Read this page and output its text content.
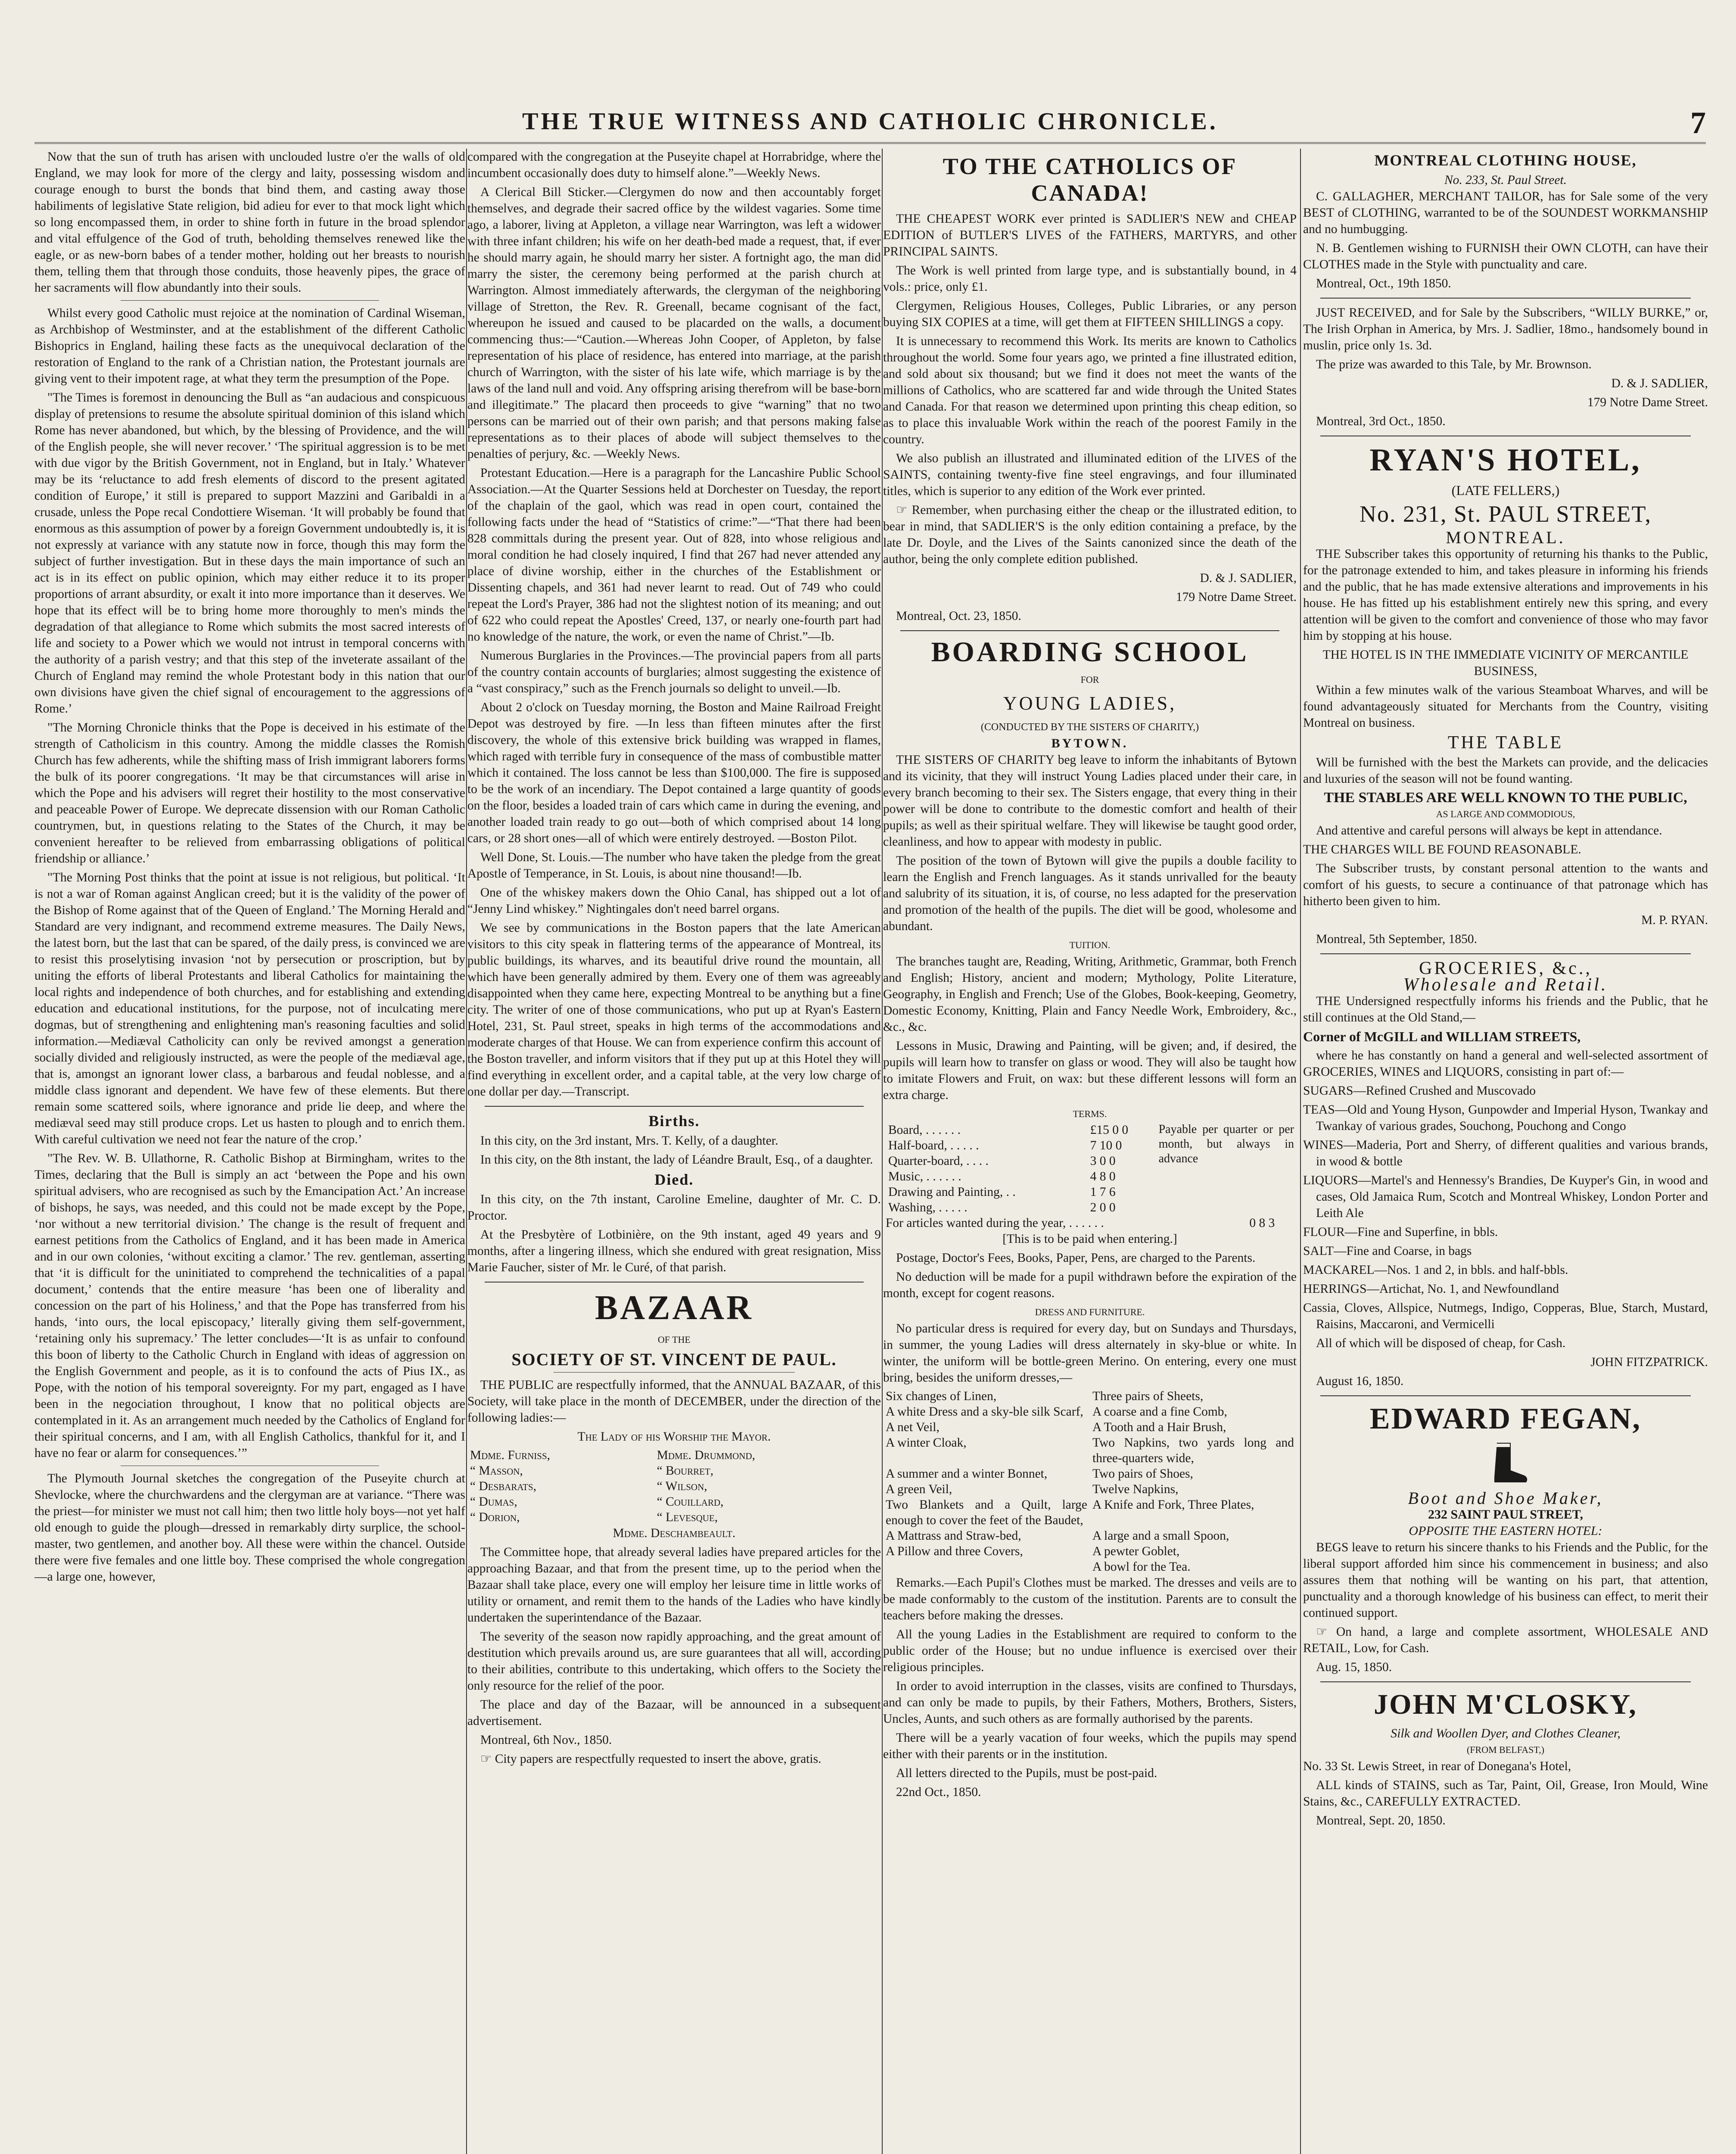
THE TRUE WITNESS AND CATHOLIC CHRONICLE.	7

Now that the sun of truth has arisen with unclouded lustre o'er the walls of old England, we may look for more of the clergy and laity, possessing wisdom and courage enough to burst the bonds that bind them, and casting away those habiliments of legislative State religion, bid adieu for ever to that mock light which so long encompassed them, in order to shine forth in future in the broad splendor and vital effulgence of the God of truth, beholding themselves renewed like the eagle, or as new-born babes of a tender mother, holding out her breasts to nourish them, telling them that through those conduits, those heavenly pipes, the grace of her sacraments will flow abundantly into their souls.

Whilst every good Catholic must rejoice at the nomination of Cardinal Wiseman, as Archbishop of Westminster, and at the establishment of the different Catholic Bishoprics in England, hailing these facts as the unequivocal declaration of the restoration of England to the rank of a Christian nation, the Protestant journals are giving vent to their impotent rage, at what they term the presumption of the Pope.

"The Times is foremost in denouncing the Bull as “an audacious and conspicuous display of pretensions to resume the absolute spiritual dominion of this island which Rome has never abandoned, but which, by the blessing of Providence, and the will of the English people, she will never recover.’ ‘The spiritual aggression is to be met with due vigor by the British Government, not in England, but in Italy.’ Whatever may be its ‘reluctance to add fresh elements of discord to the present agitated condition of Europe,’ it still is prepared to support Mazzini and Garibaldi in a crusade, unless the Pope recal Condottiere Wiseman. ‘It will probably be found that enormous as this assumption of power by a foreign Government undoubtedly is, it is not expressly at variance with any statute now in force, though this may form the subject of further investigation. But in these days the main importance of such an act is in its effect on public opinion, which may either reduce it to its proper proportions of arrant absurdity, or exalt it into more importance than it deserves. We hope that its effect will be to bring home more thoroughly to men's minds the degradation of that allegiance to Rome which submits the most sacred interests of life and society to a Power which we would not intrust in temporal concerns with the authority of a parish vestry; and that this step of the inveterate assailant of the Church of England may remind the whole Protestant body in this nation that our own divisions have given the chief signal of encouragement to the aggressions of Rome.’

"The Morning Chronicle thinks that the Pope is deceived in his estimate of the strength of Catholicism in this country. Among the middle classes the Romish Church has few adherents, while the shifting mass of Irish immigrant laborers forms the bulk of its poorer congregations. ‘It may be that circumstances will arise in which the Pope and his advisers will regret their hostility to the most conservative and peaceable Power of Europe. We deprecate dissension with our Roman Catholic countrymen, but, in questions relating to the States of the Church, it may be convenient hereafter to be relieved from embarrassing obligations of political friendship or alliance.’

"The Morning Post thinks that the point at issue is not religious, but political. ‘It is not a war of Roman against Anglican creed; but it is the validity of the power of the Bishop of Rome against that of the Queen of England.’ The Morning Herald and Standard are very indignant, and recommend extreme measures. The Daily News, the latest born, but the last that can be spared, of the daily press, is convinced we are to resist this proselytising invasion ‘not by persecution or proscription, but by uniting the efforts of liberal Protestants and liberal Catholics for maintaining the local rights and independence of both churches, and for establishing and extending education and educational institutions, for the purpose, not of inculcating mere dogmas, but of strengthening and enlightening man's reasoning faculties and solid information.—Mediæval Catholicity can only be revived amongst a generation socially divided and religiously instructed, as were the people of the mediæval age, that is, amongst an ignorant lower class, a barbarous and feudal noblesse, and a middle class ignorant and dependent. We have few of these elements. But there remain some scattered soils, where ignorance and pride lie deep, and where the mediæval seed may still produce crops. Let us hasten to plough and to enrich them. With careful cultivation we need not fear the nature of the crop.’

"The Rev. W. B. Ullathorne, R. Catholic Bishop at Birmingham, writes to the Times, declaring that the Bull is simply an act ‘between the Pope and his own spiritual advisers, who are recognised as such by the Emancipation Act.’ An increase of bishops, he says, was needed, and this could not be made except by the Pope, ‘nor without a new territorial division.’ The change is the result of frequent and earnest petitions from the Catholics of England, and it has been made in America and in our own colonies, ‘without exciting a clamor.’ The rev. gentleman, asserting that ‘it is difficult for the uninitiated to comprehend the technicalities of a papal document,’ contends that the entire measure ‘has been one of liberality and concession on the part of his Holiness,’ and that the Pope has transferred from his hands, ‘into ours, the local episcopacy,’ literally giving them self-government, ‘retaining only his supremacy.’ The letter concludes—‘It is as unfair to confound this boon of liberty to the Catholic Church in England with ideas of aggression on the English Government and people, as it is to confound the acts of Pius IX., as Pope, with the notion of his temporal sovereignty. For my part, engaged as I have been in the negociation throughout, I know that no political objects are contemplated in it. As an arrangement much needed by the Catholics of England for their spiritual concerns, and I am, with all English Catholics, thankful for it, and I have no fear or alarm for consequences.’”

The Plymouth Journal sketches the congregation of the Puseyite church at Shevlocke, where the churchwardens and the clergyman are at variance. “There was the priest—for minister we must not call him; then two little holy boys—not yet half old enough to guide the plough—dressed in remarkably dirty surplice, the school-master, two gentlemen, and another boy. All these were within the chancel. Outside there were five females and one little boy. These comprised the whole congregation—a large one, however,

compared with the congregation at the Puseyite chapel at Horrabridge, where the incumbent occasionally does duty to himself alone.”—Weekly News.

A Clerical Bill Sticker.—Clergymen do now and then accountably forget themselves, and degrade their sacred office by the wildest vagaries. Some time ago, a laborer, living at Appleton, a village near Warrington, was left a widower with three infant children; his wife on her death-bed made a request, that, if ever he should marry again, he should marry her sister. A fortnight ago, the man did marry the sister, the ceremony being performed at the parish church at Warrington. Almost immediately afterwards, the clergyman of the neighboring village of Stretton, the Rev. R. Greenall, became cognisant of the fact, whereupon he issued and caused to be placarded on the walls, a document commencing thus:—“Caution.—Whereas John Cooper, of Appleton, by false representation of his place of residence, has entered into marriage, at the parish church of Warrington, with the sister of his late wife, which marriage is by the laws of the land null and void. Any offspring arising therefrom will be base-born and illegitimate.” The placard then proceeds to give “warning” that no two persons can be married out of their own parish; and that persons making false representations as to their places of abode will subject themselves to the penalties of perjury, &c. —Weekly News.

Protestant Education.—Here is a paragraph for the Lancashire Public School Association.—At the Quarter Sessions held at Dorchester on Tuesday, the report of the chaplain of the gaol, which was read in open court, contained the following facts under the head of “Statistics of crime:”—“That there had been 828 committals during the present year. Out of 828, into whose religious and moral condition he had closely inquired, I find that 267 had never attended any place of divine worship, either in the churches of the Establishment or Dissenting chapels, and 361 had never learnt to read. Out of 749 who could repeat the Lord's Prayer, 386 had not the slightest notion of its meaning; and out of 622 who could repeat the Apostles' Creed, 137, or nearly one-fourth part had no knowledge of the nature, the work, or even the name of Christ.”—Ib.

Numerous Burglaries in the Provinces.—The provincial papers from all parts of the country contain accounts of burglaries; almost suggesting the existence of a “vast conspiracy,” such as the French journals so delight to unveil.—Ib.

About 2 o'clock on Tuesday morning, the Boston and Maine Railroad Freight Depot was destroyed by fire. —In less than fifteen minutes after the first discovery, the whole of this extensive brick building was wrapped in flames, which raged with terrible fury in consequence of the mass of combustible matter which it contained. The loss cannot be less than $100,000. The fire is supposed to be the work of an incendiary. The Depot contained a large quantity of goods on the floor, besides a loaded train of cars which came in during the evening, and another loaded train ready to go out—both of which comprised about 14 long cars, or 28 short ones—all of which were entirely destroyed. —Boston Pilot.

Well Done, St. Louis.—The number who have taken the pledge from the great Apostle of Temperance, in St. Louis, is about nine thousand!—Ib.

One of the whiskey makers down the Ohio Canal, has shipped out a lot of “Jenny Lind whiskey.” Nightingales don't need barrel organs.

We see by communications in the Boston papers that the late American visitors to this city speak in flattering terms of the appearance of Montreal, its public buildings, its wharves, and its beautiful drive round the mountain, all which have been generally admired by them. Every one of them was agreeably disappointed when they came here, expecting Montreal to be anything but a fine city. The writer of one of those communications, who put up at Ryan's Eastern Hotel, 231, St. Paul street, speaks in high terms of the accommodations and moderate charges of that House. We can from experience confirm this account of the Boston traveller, and inform visitors that if they put up at this Hotel they will find everything in excellent order, and a capital table, at the very low charge of one dollar per day.—Transcript.

Births.

In this city, on the 3rd instant, Mrs. T. Kelly, of a daughter.

In this city, on the 8th instant, the lady of Léandre Brault, Esq., of a daughter.

Died.

In this city, on the 7th instant, Caroline Emeline, daughter of Mr. C. D. Proctor.

At the Presbytère of Lotbinière, on the 9th instant, aged 49 years and 9 months, after a lingering illness, which she endured with great resignation, Miss Marie Faucher, sister of Mr. le Curé, of that parish.

BAZAAR
OF THE
SOCIETY OF ST. VINCENT DE PAUL.

THE PUBLIC are respectfully informed, that the ANNUAL BAZAAR, of this Society, will take place in the month of DECEMBER, under the direction of the following ladies:—

The Lady of his Worship the Mayor.

Mdme. Furniss,	Mdme. Drummond,
“ Masson,	“ Bourret,
“ Desbarats,	“ Wilson,
“ Dumas,	“ Couillard,
“ Dorion,	“ Levesque,

Mdme. Deschambeault.

The Committee hope, that already several ladies have prepared articles for the approaching Bazaar, and that from the present time, up to the period when the Bazaar shall take place, every one will employ her leisure time in little works of utility or ornament, and remit them to the hands of the Ladies who have kindly undertaken the superintendance of the Bazaar.

The severity of the season now rapidly approaching, and the great amount of destitution which prevails around us, are sure guarantees that all will, according to their abilities, contribute to this undertaking, which offers to the Society the only resource for the relief of the poor.

The place and day of the Bazaar, will be announced in a subsequent advertisement.

Montreal, 6th Nov., 1850.

☞ City papers are respectfully requested to insert the above, gratis.

TO THE CATHOLICS OF CANADA!

THE CHEAPEST WORK ever printed is SADLIER'S NEW and CHEAP EDITION of BUTLER'S LIVES of the FATHERS, MARTYRS, and other PRINCIPAL SAINTS.

The Work is well printed from large type, and is substantially bound, in 4 vols.: price, only £1.

Clergymen, Religious Houses, Colleges, Public Libraries, or any person buying SIX COPIES at a time, will get them at FIFTEEN SHILLINGS a copy.

It is unnecessary to recommend this Work. Its merits are known to Catholics throughout the world. Some four years ago, we printed a fine illustrated edition, and sold about six thousand; but we find it does not meet the wants of the millions of Catholics, who are scattered far and wide through the United States and Canada. For that reason we determined upon printing this cheap edition, so as to place this invaluable Work within the reach of the poorest Family in the country.

We also publish an illustrated and illuminated edition of the LIVES of the SAINTS, containing twenty-five fine steel engravings, and four illuminated titles, which is superior to any edition of the Work ever printed.

☞ Remember, when purchasing either the cheap or the illustrated edition, to bear in mind, that SADLIER'S is the only edition containing a preface, by the late Dr. Doyle, and the Lives of the Saints canonized since the death of the author, being the only complete edition published.

D. & J. SADLIER,

179 Notre Dame Street.

Montreal, Oct. 23, 1850.

BOARDING SCHOOL
FOR
YOUNG LADIES,
(CONDUCTED BY THE SISTERS OF CHARITY,)
BYTOWN.

THE SISTERS OF CHARITY beg leave to inform the inhabitants of Bytown and its vicinity, that they will instruct Young Ladies placed under their care, in every branch becoming to their sex. The Sisters engage, that every thing in their power will be done to contribute to the domestic comfort and health of their pupils; as well as their spiritual welfare. They will likewise be taught good order, cleanliness, and how to appear with modesty in public.

The position of the town of Bytown will give the pupils a double facility to learn the English and French languages. As it stands unrivalled for the beauty and salubrity of its situation, it is, of course, no less adapted for the preservation and promotion of the health of the pupils. The diet will be good, wholesome and abundant.

TUITION.

The branches taught are, Reading, Writing, Arithmetic, Grammar, both French and English; History, ancient and modern; Mythology, Polite Literature, Geography, in English and French; Use of the Globes, Book-keeping, Geometry, Domestic Economy, Knitting, Plain and Fancy Needle Work, Embroidery, &c., &c., &c.

Lessons in Music, Drawing and Painting, will be given; and, if desired, the pupils will learn how to transfer on glass or wood. They will also be taught how to imitate Flowers and Fruit, on wax: but these different lessons will form an extra charge.

TERMS.
Board, . . . . . .	£15 0 0
Half-board, . . . . .	7 10 0
Quarter-board, . . . .	3 0 0
Music, . . . . . .	4 8 0
Drawing and Painting, . .	1 7 6
Washing, . . . . .	2 0 0
	Payable per quarter or per month, but always in advance
For articles wanted during the year, . . . . . .	0 8 3

[This is to be paid when entering.]

Postage, Doctor's Fees, Books, Paper, Pens, are charged to the Parents.

No deduction will be made for a pupil withdrawn before the expiration of the month, except for cogent reasons.

DRESS AND FURNITURE.

No particular dress is required for every day, but on Sundays and Thursdays, in summer, the young Ladies will dress alternately in sky-blue or white. In winter, the uniform will be bottle-green Merino. On entering, every one must bring, besides the uniform dresses,—

Six changes of Linen,	Three pairs of Sheets,
A white Dress and a sky-ble silk Scarf,	A coarse and a fine Comb,
A net Veil,	A Tooth and a Hair Brush,
A winter Cloak,	Two Napkins, two yards long and three-quarters wide,
A summer and a winter Bonnet,	Two pairs of Shoes,
A green Veil,	Twelve Napkins,
Two Blankets and a Quilt, large enough to cover the feet of the Baudet,	A Knife and Fork, Three Plates,
A Mattrass and Straw-bed,	A large and a small Spoon,
A Pillow and three Covers,	A pewter Goblet,
	A bowl for the Tea.

Remarks.—Each Pupil's Clothes must be marked. The dresses and veils are to be made conformably to the custom of the institution. Parents are to consult the teachers before making the dresses.

All the young Ladies in the Establishment are required to conform to the public order of the House; but no undue influence is exercised over their religious principles.

In order to avoid interruption in the classes, visits are confined to Thursdays, and can only be made to pupils, by their Fathers, Mothers, Brothers, Sisters, Uncles, Aunts, and such others as are formally authorised by the parents.

There will be a yearly vacation of four weeks, which the pupils may spend either with their parents or in the institution.

All letters directed to the Pupils, must be post-paid.

22nd Oct., 1850.

MONTREAL CLOTHING HOUSE,
No. 233, St. Paul Street.

C. GALLAGHER, MERCHANT TAILOR, has for Sale some of the very BEST of CLOTHING, warranted to be of the SOUNDEST WORKMANSHIP and no humbugging.

N. B. Gentlemen wishing to FURNISH their OWN CLOTH, can have their CLOTHES made in the Style with punctuality and care.

Montreal, Oct., 19th 1850.

JUST RECEIVED, and for Sale by the Subscribers, “WILLY BURKE,” or, The Irish Orphan in America, by Mrs. J. Sadlier, 18mo., handsomely bound in muslin, price only 1s. 3d.

The prize was awarded to this Tale, by Mr. Brownson.

D. & J. SADLIER,

179 Notre Dame Street.

Montreal, 3rd Oct., 1850.

RYAN'S HOTEL,
(LATE FELLERS,)
No. 231, St. PAUL STREET,
MONTREAL.

THE Subscriber takes this opportunity of returning his thanks to the Public, for the patronage extended to him, and takes pleasure in informing his friends and the public, that he has made extensive alterations and improvements in his house. He has fitted up his establishment entirely new this spring, and every attention will be given to the comfort and convenience of those who may favor him by stopping at his house.

THE HOTEL IS IN THE IMMEDIATE VICINITY OF MERCANTILE BUSINESS,

Within a few minutes walk of the various Steamboat Wharves, and will be found advantageously situated for Merchants from the Country, visiting Montreal on business.

THE TABLE

Will be furnished with the best the Markets can provide, and the delicacies and luxuries of the season will not be found wanting.

THE STABLES ARE WELL KNOWN TO THE PUBLIC,
AS LARGE AND COMMODIOUS,

And attentive and careful persons will always be kept in attendance.

THE CHARGES WILL BE FOUND REASONABLE.

The Subscriber trusts, by constant personal attention to the wants and comfort of his guests, to secure a continuance of that patronage which has hitherto been given to him.

M. P. RYAN.

Montreal, 5th September, 1850.

GROCERIES, &c.,
Wholesale and Retail.

THE Undersigned respectfully informs his friends and the Public, that he still continues at the Old Stand,—

Corner of McGILL and WILLIAM STREETS,

where he has constantly on hand a general and well-selected assortment of GROCERIES, WINES and LIQUORS, consisting in part of:—

SUGARS—Refined Crushed and Muscovado

TEAS—Old and Young Hyson, Gunpowder and Imperial Hyson, Twankay and Twankay of various grades, Souchong, Pouchong and Congo

WINES—Maderia, Port and Sherry, of different qualities and various brands, in wood & bottle

LIQUORS—Martel's and Hennessy's Brandies, De Kuyper's Gin, in wood and cases, Old Jamaica Rum, Scotch and Montreal Whiskey, London Porter and Leith Ale

FLOUR—Fine and Superfine, in bbls.

SALT—Fine and Coarse, in bags

MACKAREL—Nos. 1 and 2, in bbls. and half-bbls.

HERRINGS—Artichat, No. 1, and Newfoundland

Cassia, Cloves, Allspice, Nutmegs, Indigo, Copperas, Blue, Starch, Mustard, Raisins, Maccaroni, and Vermicelli

All of which will be disposed of cheap, for Cash.

JOHN FITZPATRICK.

August 16, 1850.

EDWARD FEGAN,
Boot and Shoe Maker,
232 SAINT PAUL STREET,
OPPOSITE THE EASTERN HOTEL:

BEGS leave to return his sincere thanks to his Friends and the Public, for the liberal support afforded him since his commencement in business; and also assures them that nothing will be wanting on his part, that attention, punctuality and a thorough knowledge of his business can effect, to merit their continued support.

☞ On hand, a large and complete assortment, WHOLESALE AND RETAIL, Low, for Cash.

Aug. 15, 1850.

JOHN M'CLOSKY,
Silk and Woollen Dyer, and Clothes Cleaner,
(FROM BELFAST,)

No. 33 St. Lewis Street, in rear of Donegana's Hotel,

ALL kinds of STAINS, such as Tar, Paint, Oil, Grease, Iron Mould, Wine Stains, &c., CAREFULLY EXTRACTED.

Montreal, Sept. 20, 1850.
